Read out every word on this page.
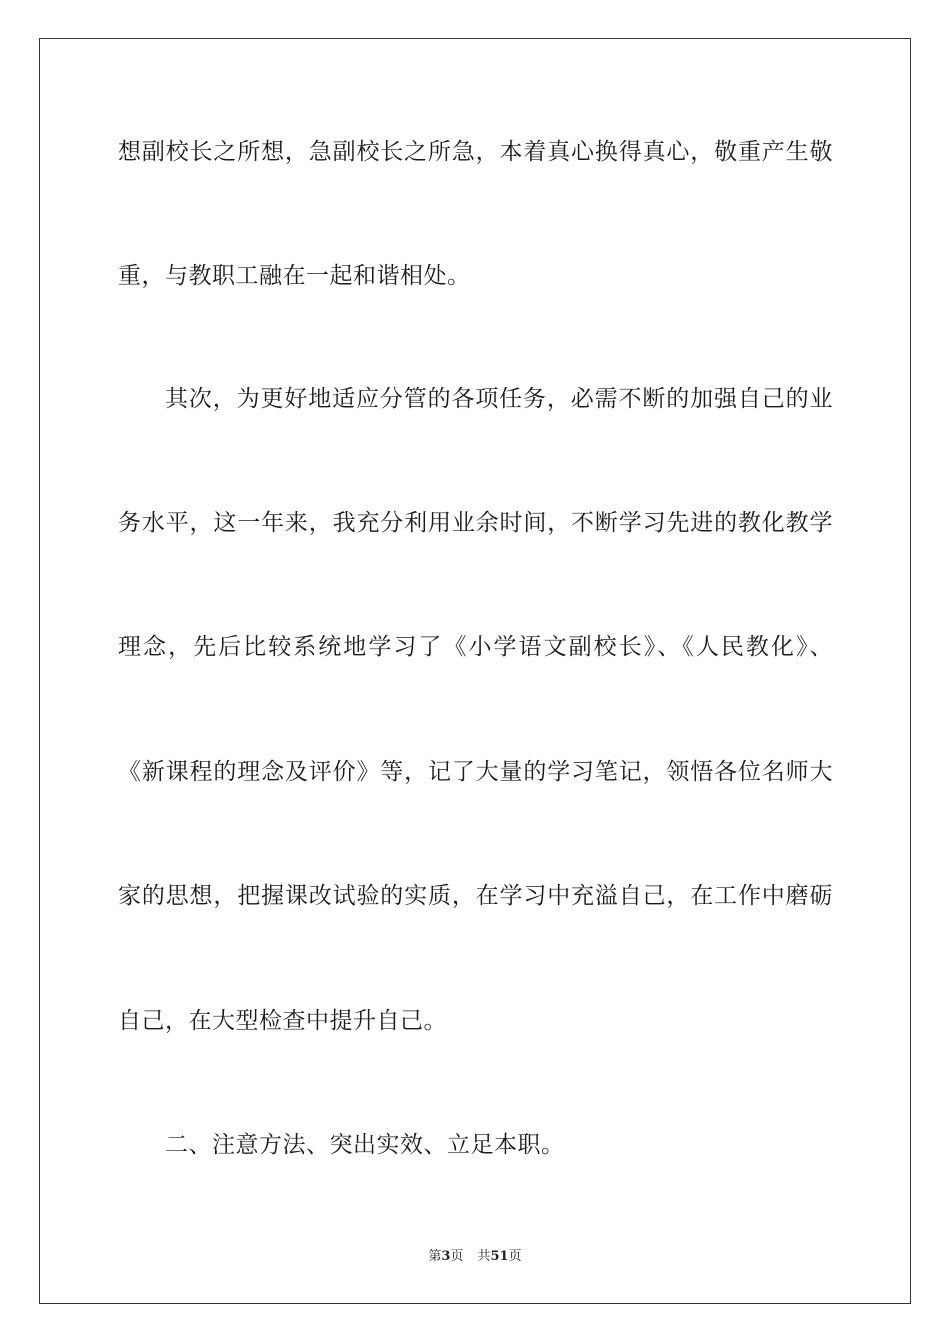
想副校长之所想，急副校长之所急，本着真心换得真心，敬重产生敬
重，与教职工融在一起和谐相处。
其次，为更好地适应分管的各项任务，必需不断的加强自己的业
务水平，这一年来，我充分利用业余时间，不断学习先进的教化教学
理念，先后比较系统地学习了《小学语文副校长》、《人民教化》、
《新课程的理念及评价》等，记了大量的学习笔记，领悟各位名师大
家的思想，把握课改试验的实质，在学习中充溢自己，在工作中磨砺
自己，在大型检查中提升自己。
二、注意方法、突出实效、立足本职。
第3页 共51页
